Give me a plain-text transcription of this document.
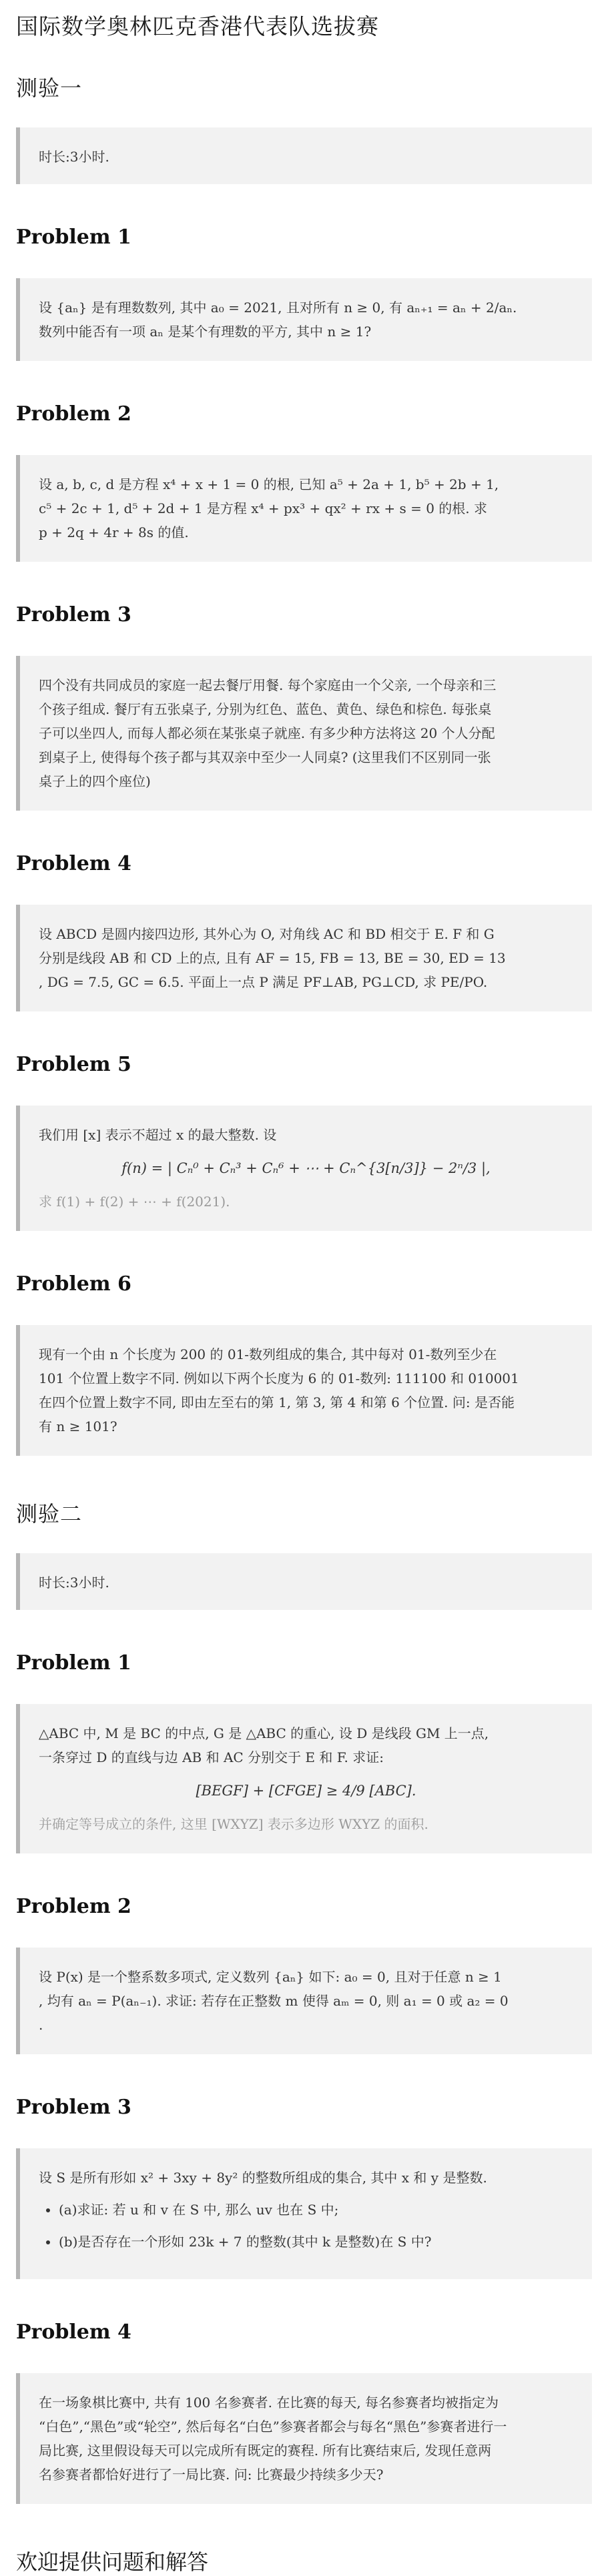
国际数学奥林匹克香港代表队选拔赛
测验一
时长:3小时.
Problem 1

设 {aₙ} 是有理数数列, 其中 a₀ = 2021, 且对所有 n ≥ 0, 有 aₙ₊₁ = aₙ + 2/aₙ.

数列中能否有一项 aₙ 是某个有理数的平方, 其中 n ≥ 1?

Problem 2

设 a, b, c, d 是方程 x⁴ + x + 1 = 0 的根, 已知 a⁵ + 2a + 1, b⁵ + 2b + 1,

c⁵ + 2c + 1, d⁵ + 2d + 1 是方程 x⁴ + px³ + qx² + rx + s = 0 的根. 求

p + 2q + 4r + 8s 的值.

Problem 3

四个没有共同成员的家庭一起去餐厅用餐. 每个家庭由一个父亲, 一个母亲和三

个孩子组成. 餐厅有五张桌子, 分别为红色、蓝色、黄色、绿色和棕色. 每张桌

子可以坐四人, 而每人都必须在某张桌子就座. 有多少种方法将这 20 个人分配

到桌子上, 使得每个孩子都与其双亲中至少一人同桌? (这里我们不区别同一张

桌子上的四个座位)

Problem 4

设 ABCD 是圆内接四边形, 其外心为 O, 对角线 AC 和 BD 相交于 E. F 和 G

分别是线段 AB 和 CD 上的点, 且有 AF = 15, FB = 13, BE = 30, ED = 13

, DG = 7.5, GC = 6.5. 平面上一点 P 满足 PF⊥AB, PG⊥CD, 求 PE/PO.

Problem 5

我们用 [x] 表示不超过 x 的最大整数. 设

f(n) = | Cₙ⁰ + Cₙ³ + Cₙ⁶ + ⋯ + Cₙ^{3[n/3]} − 2ⁿ/3 |,

求 f(1) + f(2) + ⋯ + f(2021).

Problem 6

现有一个由 n 个长度为 200 的 01-数列组成的集合, 其中每对 01-数列至少在

101 个位置上数字不同. 例如以下两个长度为 6 的 01-数列: 111100 和 010001

在四个位置上数字不同, 即由左至右的第 1, 第 3, 第 4 和第 6 个位置. 问: 是否能

有 n ≥ 101?

测验二
时长:3小时.
Problem 1

△ABC 中, M 是 BC 的中点, G 是 △ABC 的重心, 设 D 是线段 GM 上一点,

一条穿过 D 的直线与边 AB 和 AC 分别交于 E 和 F. 求证:

[BEGF] + [CFGE] ≥ 4/9 [ABC].

并确定等号成立的条件, 这里 [WXYZ] 表示多边形 WXYZ 的面积.

Problem 2

设 P(x) 是一个整系数多项式, 定义数列 {aₙ} 如下: a₀ = 0, 且对于任意 n ≥ 1

, 均有 aₙ = P(aₙ₋₁). 求证: 若存在正整数 m 使得 aₘ = 0, 则 a₁ = 0 或 a₂ = 0

.

Problem 3

设 S 是所有形如 x² + 3xy + 8y² 的整数所组成的集合, 其中 x 和 y 是整数.

• (a)求证: 若 u 和 v 在 S 中, 那么 uv 也在 S 中;
• (b)是否存在一个形如 23k + 7 的整数(其中 k 是整数)在 S 中?
Problem 4

在一场象棋比赛中, 共有 100 名参赛者. 在比赛的每天, 每名参赛者均被指定为

“白色”,“黑色”或“轮空”, 然后每名“白色”参赛者都会与每名“黑色”参赛者进行一

局比赛, 这里假设每天可以完成所有既定的赛程. 所有比赛结束后, 发现任意两

名参赛者都恰好进行了一局比赛. 问: 比赛最少持续多少天?

欢迎提供问题和解答
